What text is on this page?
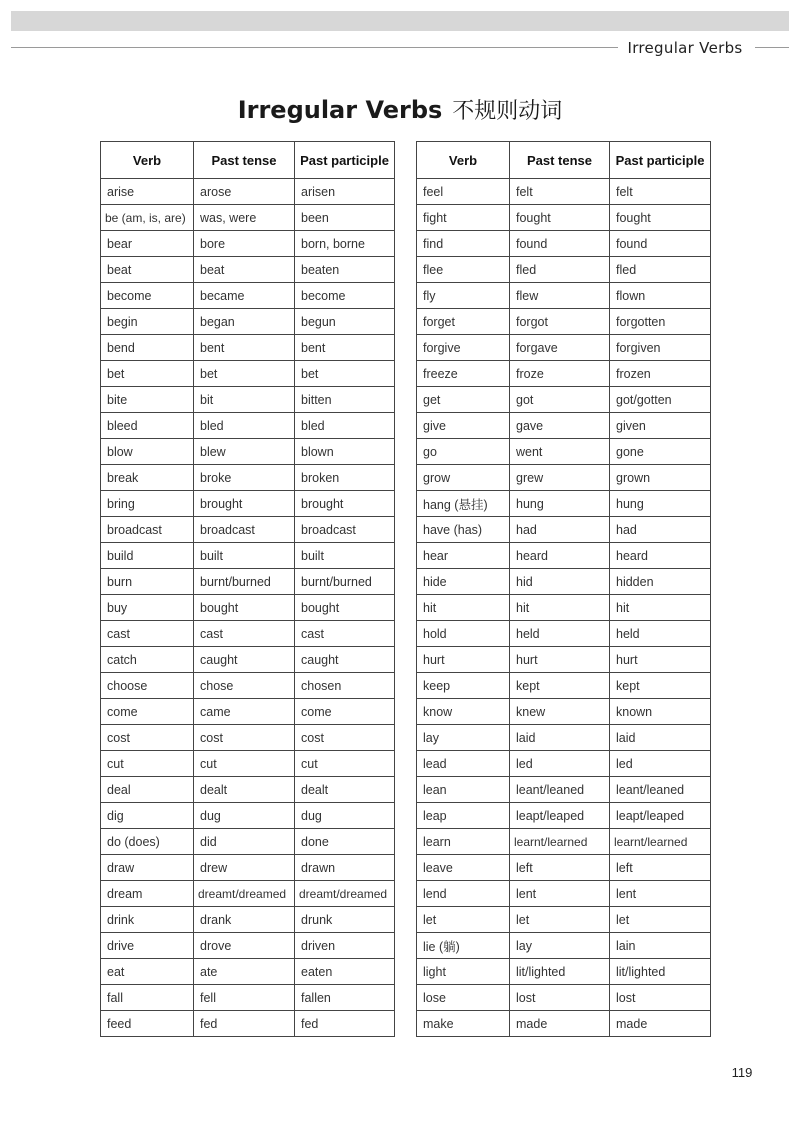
Irregular Verbs
Irregular Verbs 不规则动词
Verb	Past tense	Past participle
arise	arose	arisen
be (am, is, are)	was, were	been
bear	bore	born, borne
beat	beat	beaten
become	became	become
begin	began	begun
bend	bent	bent
bet	bet	bet
bite	bit	bitten
bleed	bled	bled
blow	blew	blown
break	broke	broken
bring	brought	brought
broadcast	broadcast	broadcast
build	built	built
burn	burnt/burned	burnt/burned
buy	bought	bought
cast	cast	cast
catch	caught	caught
choose	chose	chosen
come	came	come
cost	cost	cost
cut	cut	cut
deal	dealt	dealt
dig	dug	dug
do (does)	did	done
draw	drew	drawn
dream	dreamt/dreamed	dreamt/dreamed
drink	drank	drunk
drive	drove	driven
eat	ate	eaten
fall	fell	fallen
feed	fed	fed
Verb	Past tense	Past participle
feel	felt	felt
fight	fought	fought
find	found	found
flee	fled	fled
fly	flew	flown
forget	forgot	forgotten
forgive	forgave	forgiven
freeze	froze	frozen
get	got	got/gotten
give	gave	given
go	went	gone
grow	grew	grown
hang (悬挂)	hung	hung
have (has)	had	had
hear	heard	heard
hide	hid	hidden
hit	hit	hit
hold	held	held
hurt	hurt	hurt
keep	kept	kept
know	knew	known
lay	laid	laid
lead	led	led
lean	leant/leaned	leant/leaned
leap	leapt/leaped	leapt/leaped
learn	learnt/learned	learnt/learned
leave	left	left
lend	lent	lent
let	let	let
lie (躺)	lay	lain
light	lit/lighted	lit/lighted
lose	lost	lost
make	made	made
119
